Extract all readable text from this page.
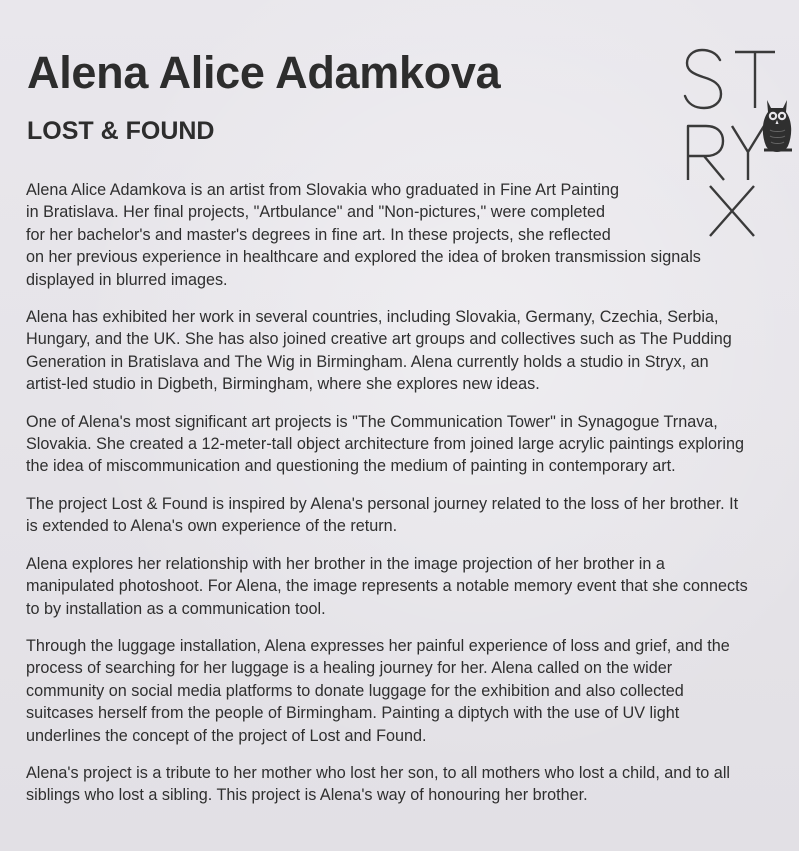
Alena Alice Adamkova
LOST & FOUND

Alena Alice Adamkova is an artist from Slovakia who graduated in Fine Art Painting
in Bratislava. Her final projects, "Artbulance" and "Non-pictures," were completed
for her bachelor's and master's degrees in fine art. In these projects, she reflected
on her previous experience in healthcare and explored the idea of broken transmission signals
displayed in blurred images.

Alena has exhibited her work in several countries, including Slovakia, Germany, Czechia, Serbia,
Hungary, and the UK. She has also joined creative art groups and collectives such as The Pudding
Generation in Bratislava and The Wig in Birmingham. Alena currently holds a studio in Stryx, an
artist-led studio in Digbeth, Birmingham, where she explores new ideas.

One of Alena's most significant art projects is "The Communication Tower" in Synagogue Trnava,
Slovakia. She created a 12-meter-tall object architecture from joined large acrylic paintings exploring
the idea of miscommunication and questioning the medium of painting in contemporary art.

The project Lost & Found is inspired by Alena's personal journey related to the loss of her brother. It
is extended to Alena's own experience of the return.

Alena explores her relationship with her brother in the image projection of her brother in a
manipulated photoshoot. For Alena, the image represents a notable memory event that she connects
to by installation as a communication tool.

Through the luggage installation, Alena expresses her painful experience of loss and grief, and the
process of searching for her luggage is a healing journey for her. Alena called on the wider
community on social media platforms to donate luggage for the exhibition and also collected
suitcases herself from the people of Birmingham. Painting a diptych with the use of UV light
underlines the concept of the project of Lost and Found.

Alena's project is a tribute to her mother who lost her son, to all mothers who lost a child, and to all
siblings who lost a sibling. This project is Alena's way of honouring her brother.
